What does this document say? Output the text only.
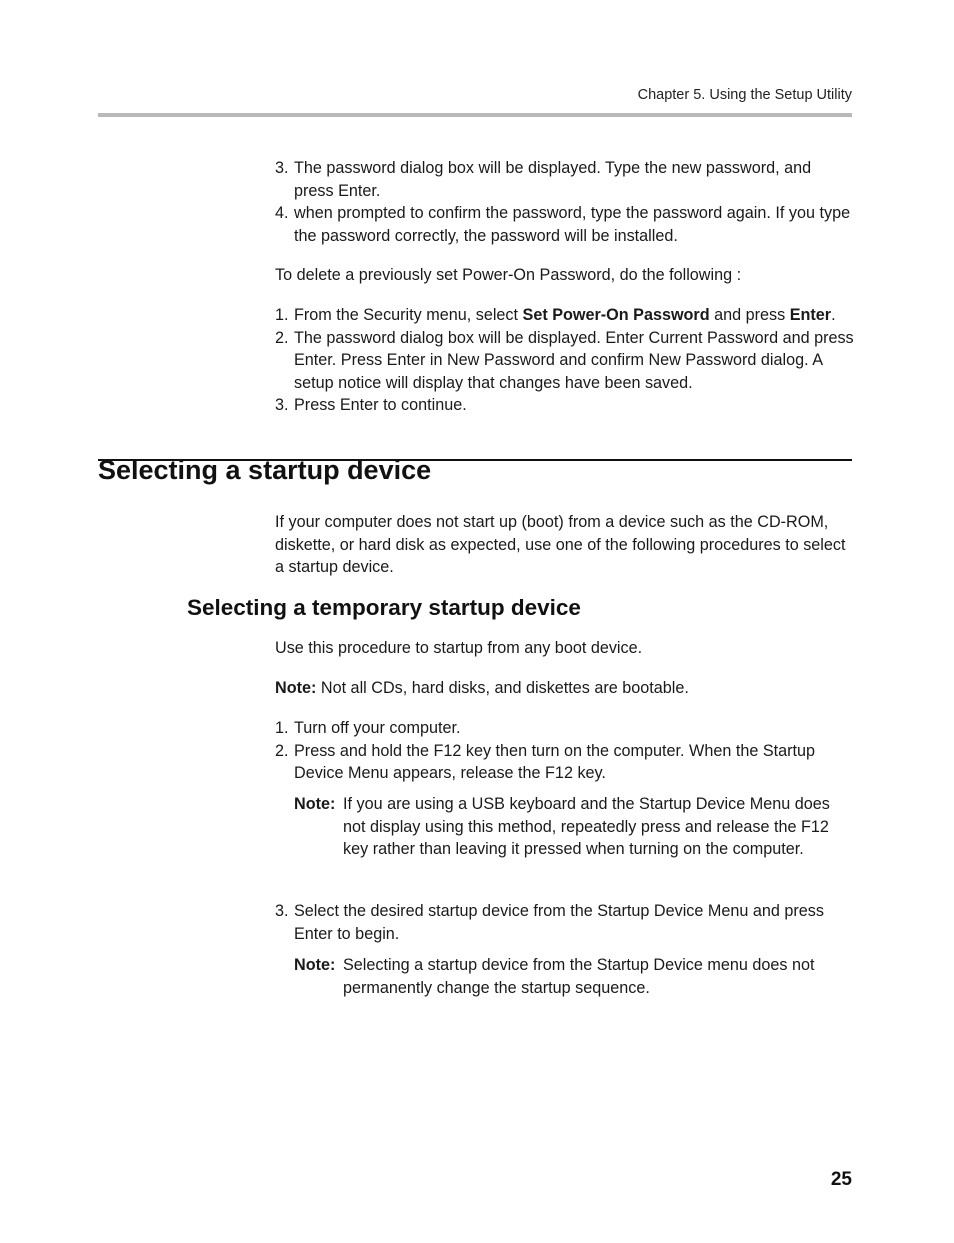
Chapter 5. Using the Setup Utility
3. The password dialog box will be displayed. Type the new password, and press Enter.
4. when prompted to confirm the password, type the password again. If you type the password correctly, the password will be installed.

To delete a previously set Power-On Password, do the following :

1. From the Security menu, select Set Power-On Password and press Enter.
2. The password dialog box will be displayed. Enter Current Password and press Enter. Press Enter in New Password and confirm New Password dialog. A setup notice will display that changes have been saved.
3. Press Enter to continue.
Selecting a startup device

If your computer does not start up (boot) from a device such as the CD-ROM, diskette, or hard disk as expected, use one of the following procedures to select a startup device.

Selecting a temporary startup device

Use this procedure to startup from any boot device.

Note: Not all CDs, hard disks, and diskettes are bootable.

1. Turn off your computer.
2. Press and hold the F12 key then turn on the computer. When the Startup Device Menu appears, release the F12 key.
Note: If you are using a USB keyboard and the Startup Device Menu does not display using this method, repeatedly press and release the F12 key rather than leaving it pressed when turning on the computer.
3. Select the desired startup device from the Startup Device Menu and press Enter to begin.
Note: Selecting a startup device from the Startup Device menu does not permanently change the startup sequence.
25
